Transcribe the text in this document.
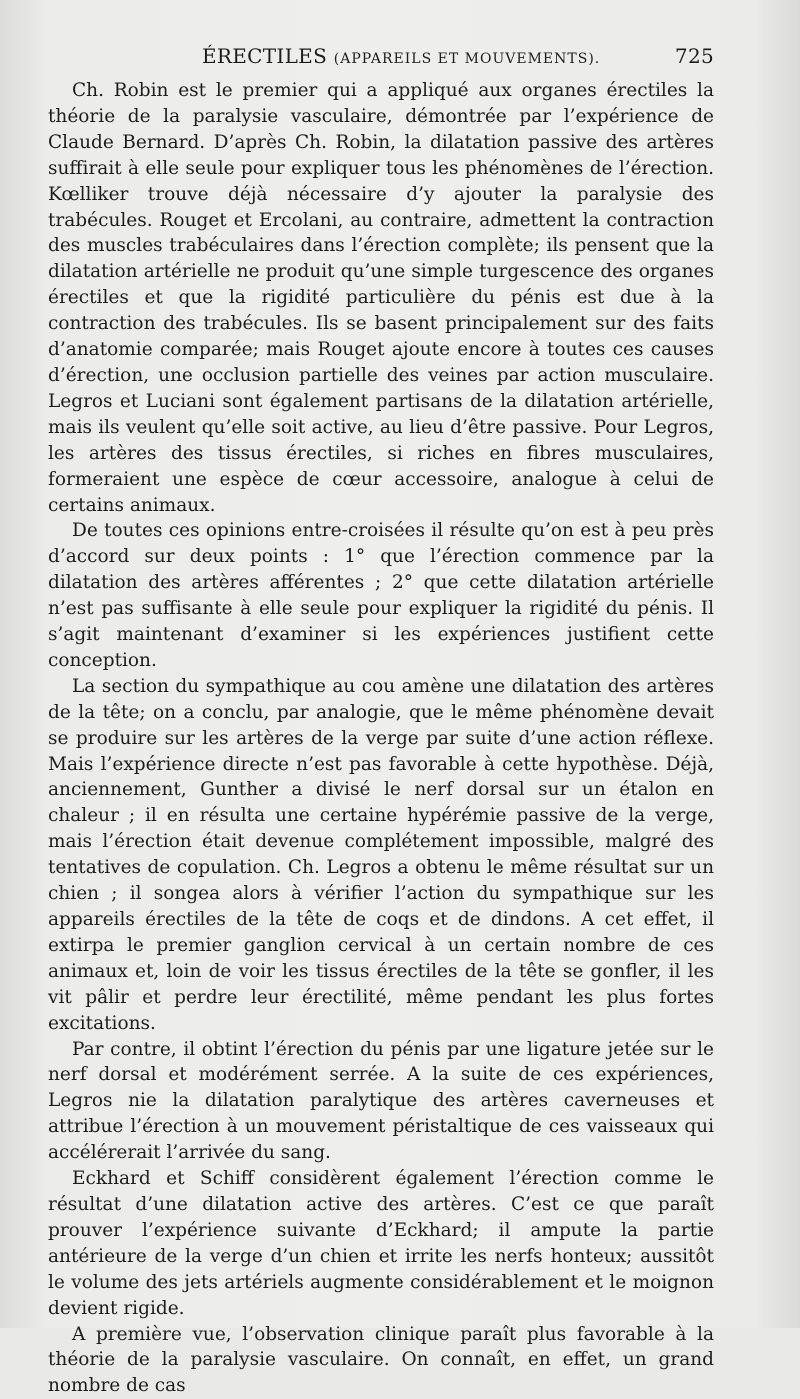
ÉRECTILES (APPAREILS ET MOUVEMENTS).	725

Ch. Robin est le premier qui a appliqué aux organes érectiles la théorie de la paralysie vasculaire, démontrée par l’expérience de Claude Bernard. D’après Ch. Robin, la dilatation passive des artères suffirait à elle seule pour expliquer tous les phénomènes de l’érection. Kœlliker trouve déjà nécessaire d’y ajouter la paralysie des trabécules. Rouget et Ercolani, au contraire, admettent la contraction des muscles trabéculaires dans l’érection complète; ils pensent que la dilatation artérielle ne produit qu’une simple turgescence des organes érectiles et que la rigidité particulière du pénis est due à la contraction des trabécules. Ils se basent principalement sur des faits d’anatomie comparée; mais Rouget ajoute encore à toutes ces causes d’érection, une occlusion partielle des veines par action musculaire. Legros et Luciani sont également partisans de la dilatation artérielle, mais ils veulent qu’elle soit active, au lieu d’être passive. Pour Legros, les artères des tissus érectiles, si riches en fibres musculaires, formeraient une espèce de cœur accessoire, analogue à celui de certains animaux.

De toutes ces opinions entre-croisées il résulte qu’on est à peu près d’accord sur deux points : 1° que l’érection commence par la dilatation des artères afférentes ; 2° que cette dilatation artérielle n’est pas suffisante à elle seule pour expliquer la rigidité du pénis. Il s’agit maintenant d’examiner si les expériences justifient cette conception.

La section du sympathique au cou amène une dilatation des artères de la tête; on a conclu, par analogie, que le même phénomène devait se produire sur les artères de la verge par suite d’une action réflexe. Mais l’expérience directe n’est pas favorable à cette hypothèse. Déjà, anciennement, Gunther a divisé le nerf dorsal sur un étalon en chaleur ; il en résulta une certaine hypérémie passive de la verge, mais l’érection était devenue complétement impossible, malgré des tentatives de copulation. Ch. Legros a obtenu le même résultat sur un chien ; il songea alors à vérifier l’action du sympathique sur les appareils érectiles de la tête de coqs et de dindons. A cet effet, il extirpa le premier ganglion cervical à un certain nombre de ces animaux et, loin de voir les tissus érectiles de la tête se gonfler, il les vit pâlir et perdre leur érectilité, même pendant les plus fortes excitations.

Par contre, il obtint l’érection du pénis par une ligature jetée sur le nerf dorsal et modérément serrée. A la suite de ces expériences, Legros nie la dilatation paralytique des artères caverneuses et attribue l’érection à un mouvement péristaltique de ces vaisseaux qui accélérerait l’arrivée du sang.

Eckhard et Schiff considèrent également l’érection comme le résultat d’une dilatation active des artères. C’est ce que paraît prouver l’expérience suivante d’Eckhard; il ampute la partie antérieure de la verge d’un chien et irrite les nerfs honteux; aussitôt le volume des jets artériels augmente considérablement et le moignon devient rigide.

A première vue, l’observation clinique paraît plus favorable à la théorie de la paralysie vasculaire. On connaît, en effet, un grand nombre de cas
